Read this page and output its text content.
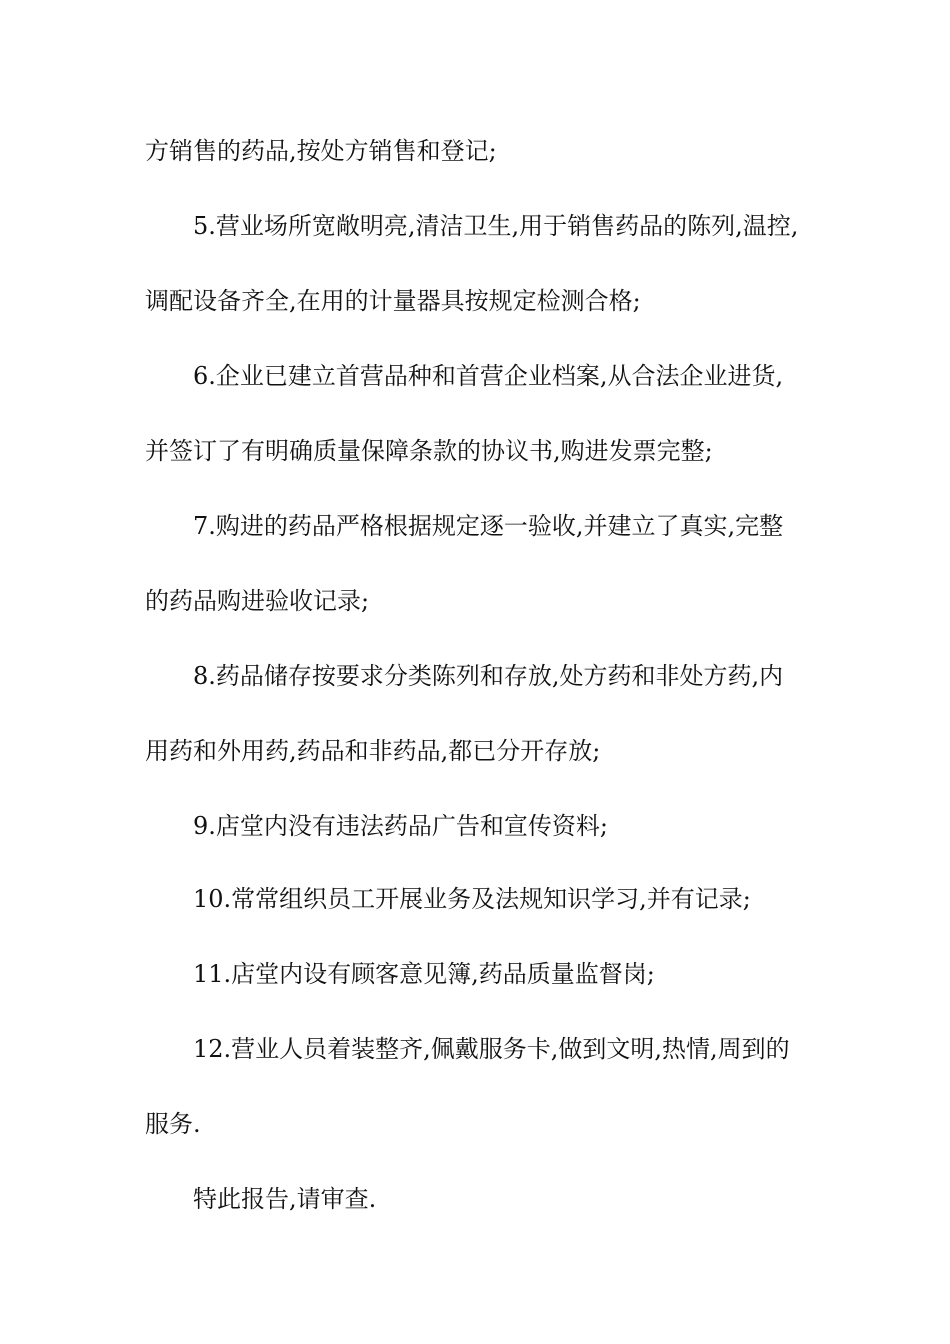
方销售的药品,按处方销售和登记;

5.营业场所宽敞明亮,清洁卫生,用于销售药品的陈列,温控,

调配设备齐全,在用的计量器具按规定检测合格;

6.企业已建立首营品种和首营企业档案,从合法企业进货,

并签订了有明确质量保障条款的协议书,购进发票完整;

7.购进的药品严格根据规定逐一验收,并建立了真实,完整

的药品购进验收记录;

8.药品储存按要求分类陈列和存放,处方药和非处方药,内

用药和外用药,药品和非药品,都已分开存放;

9.店堂内没有违法药品广告和宣传资料;

10.常常组织员工开展业务及法规知识学习,并有记录;

11.店堂内设有顾客意见簿,药品质量监督岗;

12.营业人员着装整齐,佩戴服务卡,做到文明,热情,周到的

服务.

特此报告,请审查.
